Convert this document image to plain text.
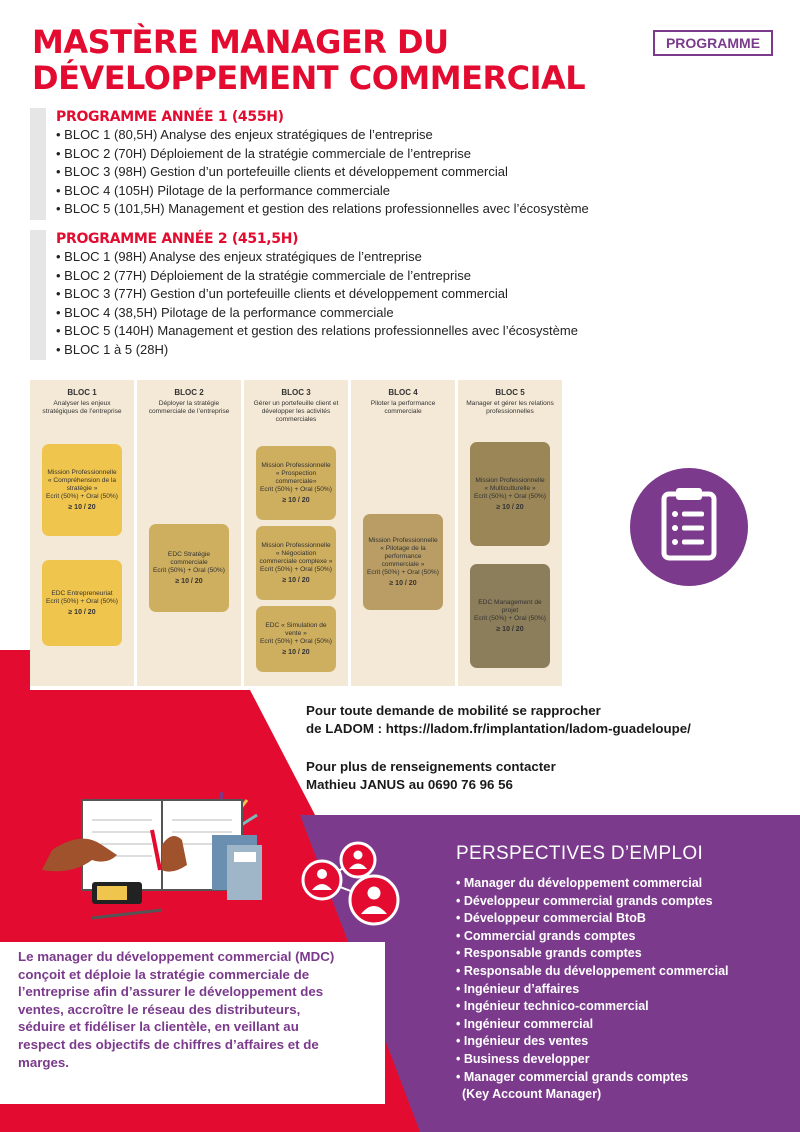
MASTÈRE MANAGER DU
DÉVELOPPEMENT COMMERCIAL
PROGRAMME
PROGRAMME ANNÉE 1 (455H)
• BLOC 1 (80,5H) Analyse des enjeux stratégiques de l’entreprise
• BLOC 2 (70H) Déploiement de la stratégie commerciale de l’entreprise
• BLOC 3 (98H) Gestion d’un portefeuille clients et développement commercial
• BLOC 4 (105H) Pilotage de la performance commerciale
• BLOC 5 (101,5H) Management et gestion des relations professionnelles avec l’écosystème
PROGRAMME ANNÉE 2 (451,5H)
• BLOC 1 (98H) Analyse des enjeux stratégiques de l’entreprise
• BLOC 2 (77H) Déploiement de la stratégie commerciale de l’entreprise
• BLOC 3 (77H) Gestion d’un portefeuille clients et développement commercial
• BLOC 4 (38,5H) Pilotage de la performance commerciale
• BLOC 5 (140H) Management et gestion des relations professionnelles avec l’écosystème
• BLOC 1 à 5 (28H)
BLOC 1
Analyser les enjeux stratégiques de l’entreprise
Mission Professionnelle « Compréhension de la stratégie »
Ecrit (50%) + Oral (50%)
≥ 10 / 20
EDC Entrepreneuriat
Ecrit (50%) + Oral (50%)
≥ 10 / 20
BLOC 2
Déployer la stratégie commerciale de l’entreprise
EDC Stratégie commerciale
Ecrit (50%) + Oral (50%)
≥ 10 / 20
BLOC 3
Gérer un portefeuille client et développer les activités commerciales
Mission Professionnelle « Prospection commerciale»
Ecrit (50%) + Oral (50%)
≥ 10 / 20
Mission Professionnelle « Négociation commerciale complexe »
Ecrit (50%) + Oral (50%)
≥ 10 / 20
EDC « Simulation de vente »
Ecrit (50%) + Oral (50%)
≥ 10 / 20
BLOC 4
Piloter la performance commerciale
Mission Professionnelle « Pilotage de la performance commerciale »
Ecrit (50%) + Oral (50%)
≥ 10 / 20
BLOC 5
Manager et gérer les relations professionnelles
Mission Professionnelle « Multiculturelle »
Ecrit (50%) + Oral (50%)
≥ 10 / 20
EDC Management de projet
Ecrit (50%) + Oral (50%)
≥ 10 / 20

Pour toute demande de mobilité se rapprocher
de LADOM : https://ladom.fr/implantation/ladom-guadeloupe/

Pour plus de renseignements contacter
Mathieu JANUS au 0690 76 96 56

Le manager du développement commercial (MDC) conçoit et déploie la stratégie commerciale de l’entreprise afin d’assurer le développement des ventes, accroître le réseau des distributeurs, séduire et fidéliser la clientèle, en veillant au respect des objectifs de chiffres d’affaires et de marges.
PERSPECTIVES D’EMPLOI
• Manager du développement commercial
• Développeur commercial grands comptes
• Développeur commercial BtoB
• Commercial grands comptes
• Responsable grands comptes
• Responsable du développement commercial
• Ingénieur d’affaires
• Ingénieur technico-commercial
• Ingénieur commercial
• Ingénieur des ventes
• Business developper
• Manager commercial grands comptes
(Key Account Manager)
